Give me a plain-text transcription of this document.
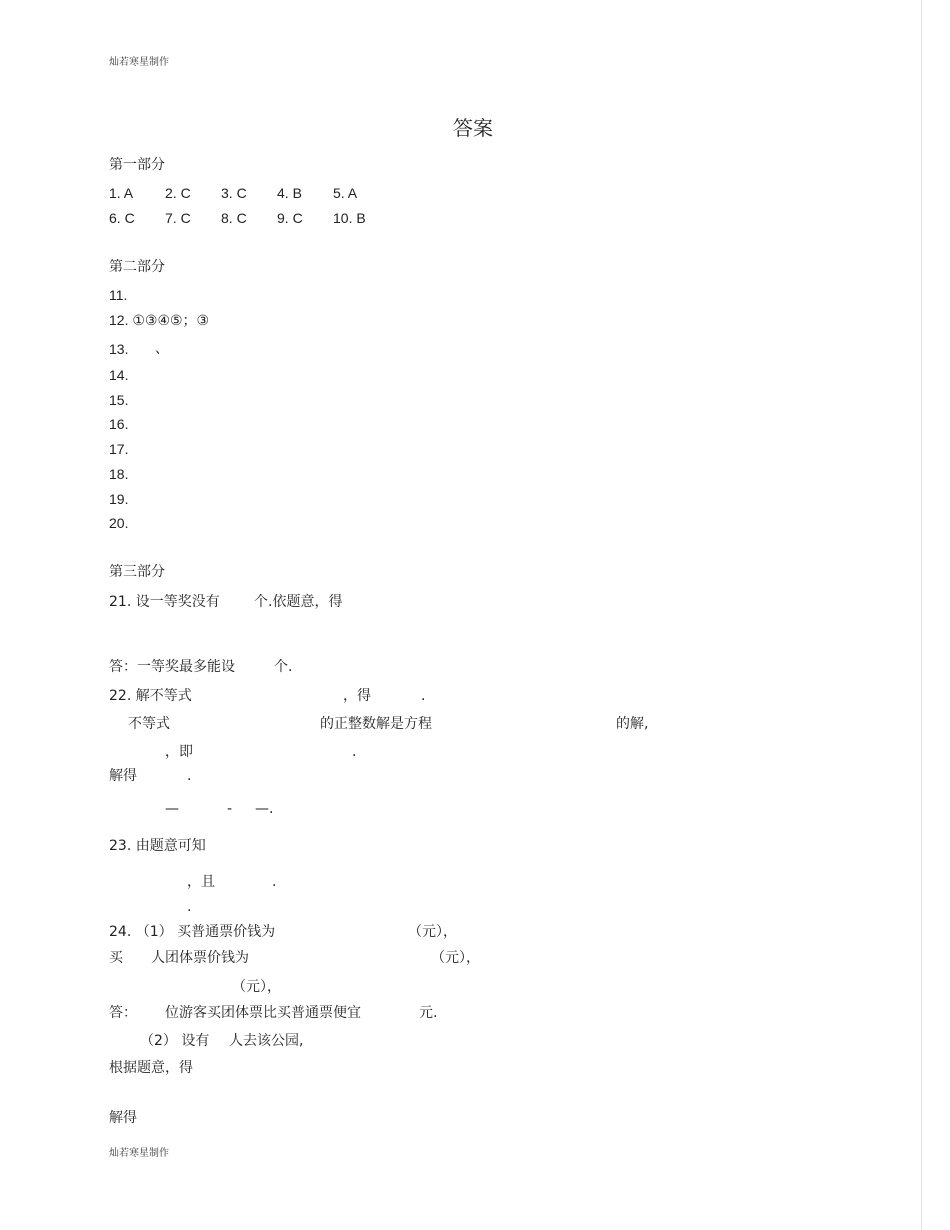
灿若寒星制作
答案
第一部分
1. A 2. C 3. C 4. B 5. A
6. C 7. C 8. C 9. C 10. B
第二部分
11.
12. ①③④⑤；③
13. 、
14.
15.
16.
17.
18.
19.
20.
第三部分
21. 设一等奖没有 个.依题意，得
答：一等奖最多能设	个.
22. 解不等式	，得	.
不等式	的正整数解是方程	的解,
，即	.
解得	.
—	- —.
23. 由题意可知
，且	.
.
24. （1） 买普通票价钱为	（元），
买 人团体票价钱为	（元），
（元），
答： 位游客买团体票比买普通票便宜	元.
（2） 设有 人去该公园,
根据题意，得
解得
灿若寒星制作
